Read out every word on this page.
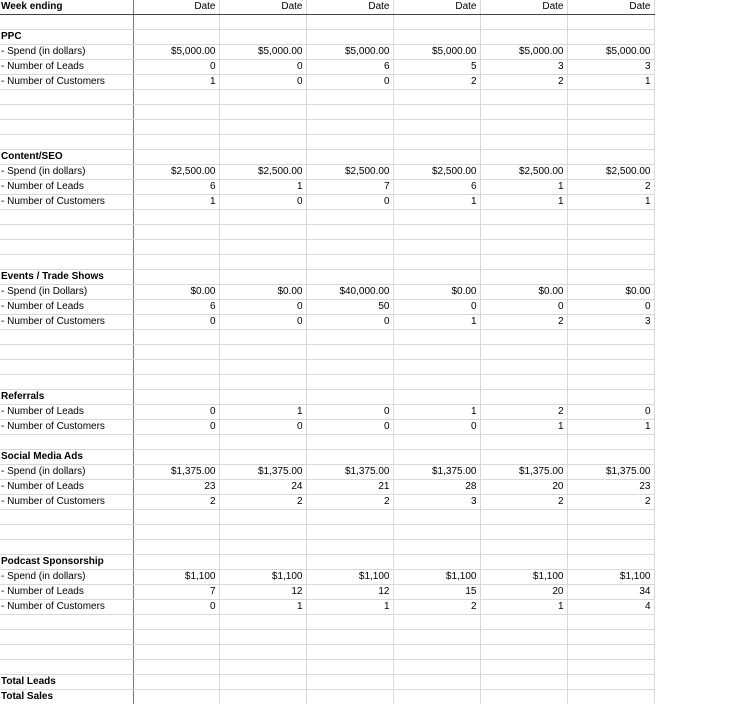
Week ending	Date	Date	Date	Date	Date	Date

PPC						
- Spend (in dollars)	$5,000.00	$5,000.00	$5,000.00	$5,000.00	$5,000.00	$5,000.00
- Number of Leads	0	0	6	5	3	3
- Number of Customers	1	0	0	2	2	1

Content/SEO						
- Spend (in dollars)	$2,500.00	$2,500.00	$2,500.00	$2,500.00	$2,500.00	$2,500.00
- Number of Leads	6	1	7	6	1	2
- Number of Customers	1	0	0	1	1	1

Events / Trade Shows						
- Spend (in Dollars)	$0.00	$0.00	$40,000.00	$0.00	$0.00	$0.00
- Number of Leads	6	0	50	0	0	0
- Number of Customers	0	0	0	1	2	3

Referrals						
- Number of Leads	0	1	0	1	2	0
- Number of Customers	0	0	0	0	1	1

Social Media Ads						
- Spend (in dollars)	$1,375.00	$1,375.00	$1,375.00	$1,375.00	$1,375.00	$1,375.00
- Number of Leads	23	24	21	28	20	23
- Number of Customers	2	2	2	3	2	2

Podcast Sponsorship						
- Spend (in dollars)	$1,100	$1,100	$1,100	$1,100	$1,100	$1,100
- Number of Leads	7	12	12	15	20	34
- Number of Customers	0	1	1	2	1	4

Total Leads						
Total Sales						
